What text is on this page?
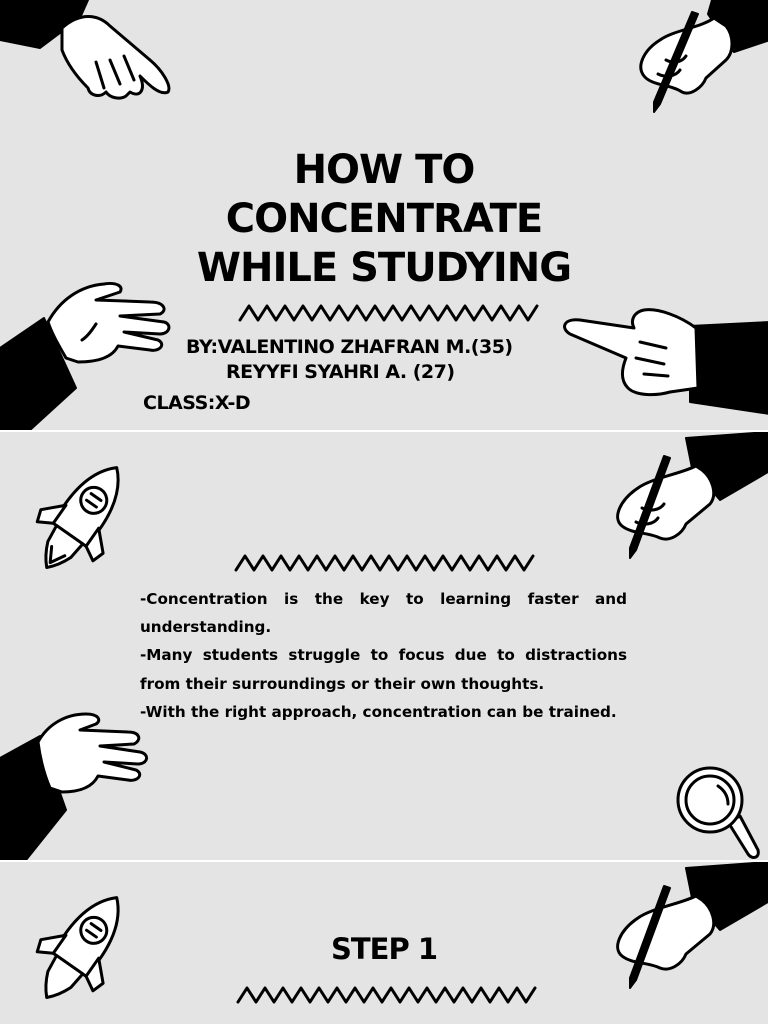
HOW TO
CONCENTRATE
WHILE STUDYING

BY:VALENTINO ZHAFRAN M.(35)

REYYFI SYAHRI A. (27)

CLASS:X-D

-Concentration is the key to learning faster and understanding.

-Many students struggle to focus due to distractions from their surroundings or their own thoughts.

-With the right approach, concentration can be trained.

STEP 1
